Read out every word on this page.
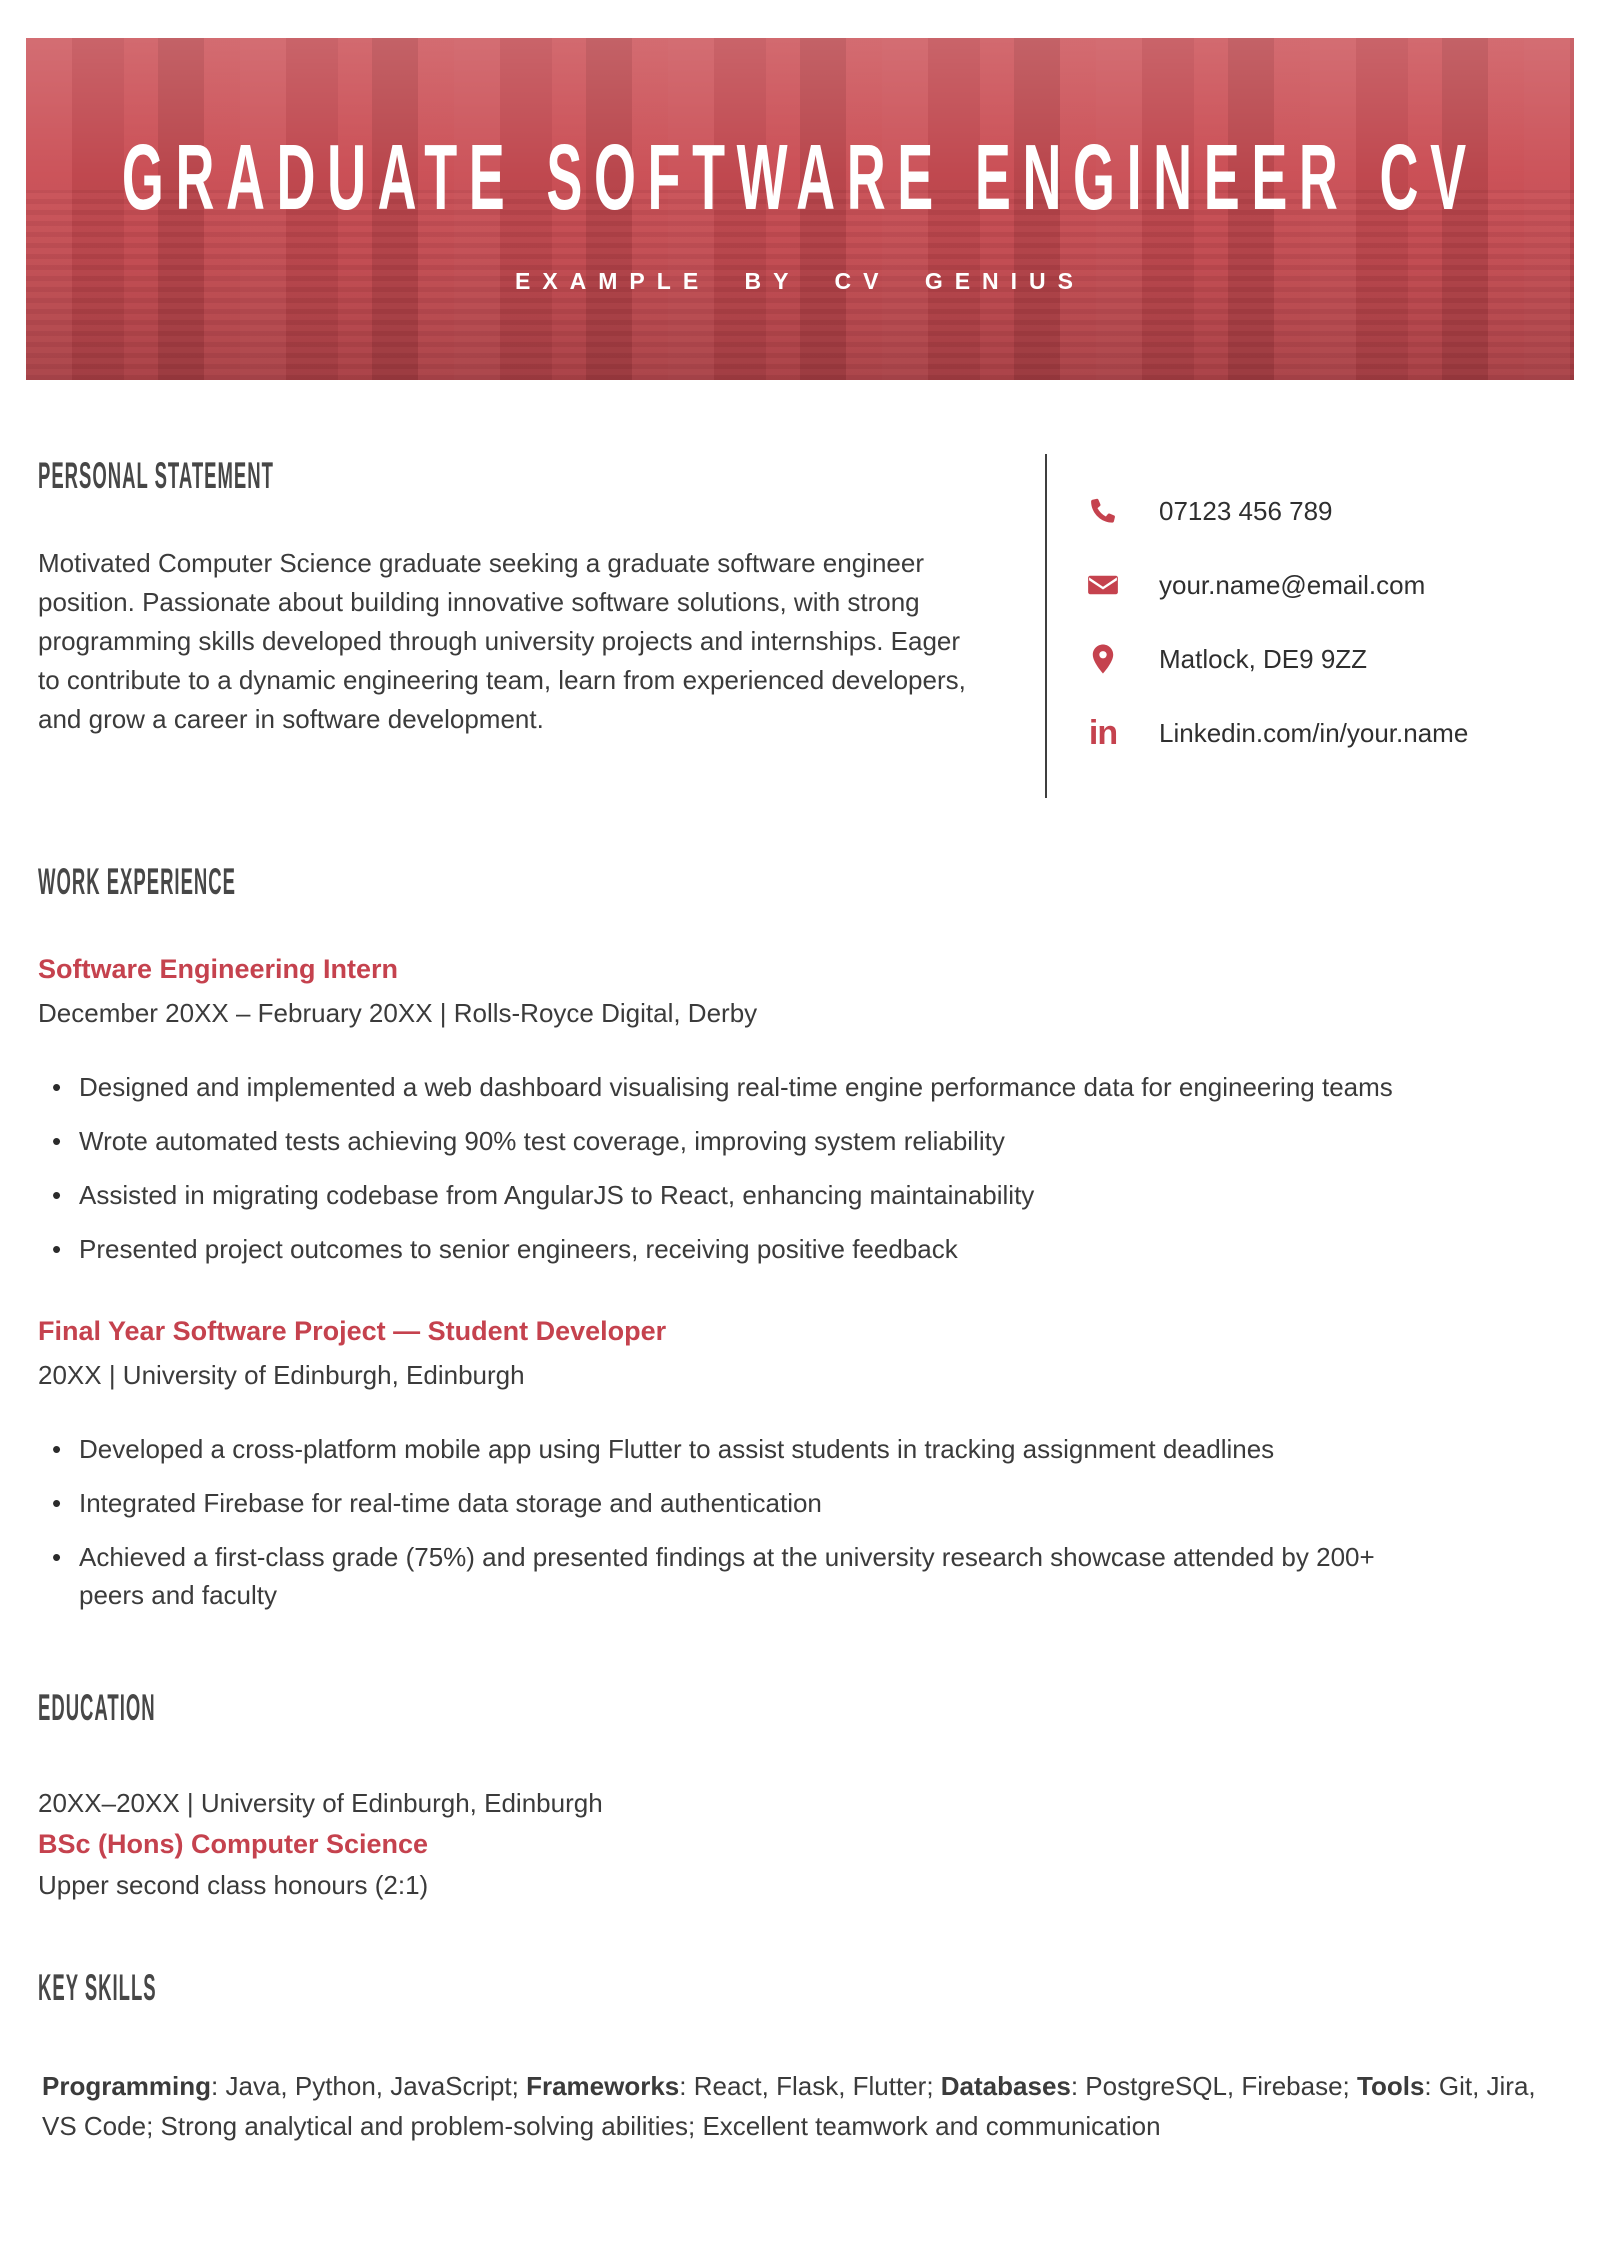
GRADUATE SOFTWARE ENGINEER CV
EXAMPLE BY CV GENIUS
PERSONAL STATEMENT

Motivated Computer Science graduate seeking a graduate software engineer position. Passionate about building innovative software solutions, with strong programming skills developed through university projects and internships. Eager to contribute to a dynamic engineering team, learn from experienced developers, and grow a career in software development.

07123 456 789
your.name@email.com
Matlock, DE9 9ZZ
in Linkedin.com/in/your.name
WORK EXPERIENCE
Software Engineering Intern
December 20XX – February 20XX | Rolls-Royce Digital, Derby
• Designed and implemented a web dashboard visualising real-time engine performance data for engineering teams
• Wrote automated tests achieving 90% test coverage, improving system reliability
• Assisted in migrating codebase from AngularJS to React, enhancing maintainability
• Presented project outcomes to senior engineers, receiving positive feedback
Final Year Software Project — Student Developer
20XX | University of Edinburgh, Edinburgh
• Developed a cross-platform mobile app using Flutter to assist students in tracking assignment deadlines
• Integrated Firebase for real-time data storage and authentication
• Achieved a first-class grade (75%) and presented findings at the university research showcase attended by 200+ peers and faculty
EDUCATION
20XX–20XX | University of Edinburgh, Edinburgh
BSc (Hons) Computer Science
Upper second class honours (2:1)
KEY SKILLS

Programming: Java, Python, JavaScript; Frameworks: React, Flask, Flutter; Databases: PostgreSQL, Firebase; Tools: Git, Jira, VS Code; Strong analytical and problem-solving abilities; Excellent teamwork and communication
